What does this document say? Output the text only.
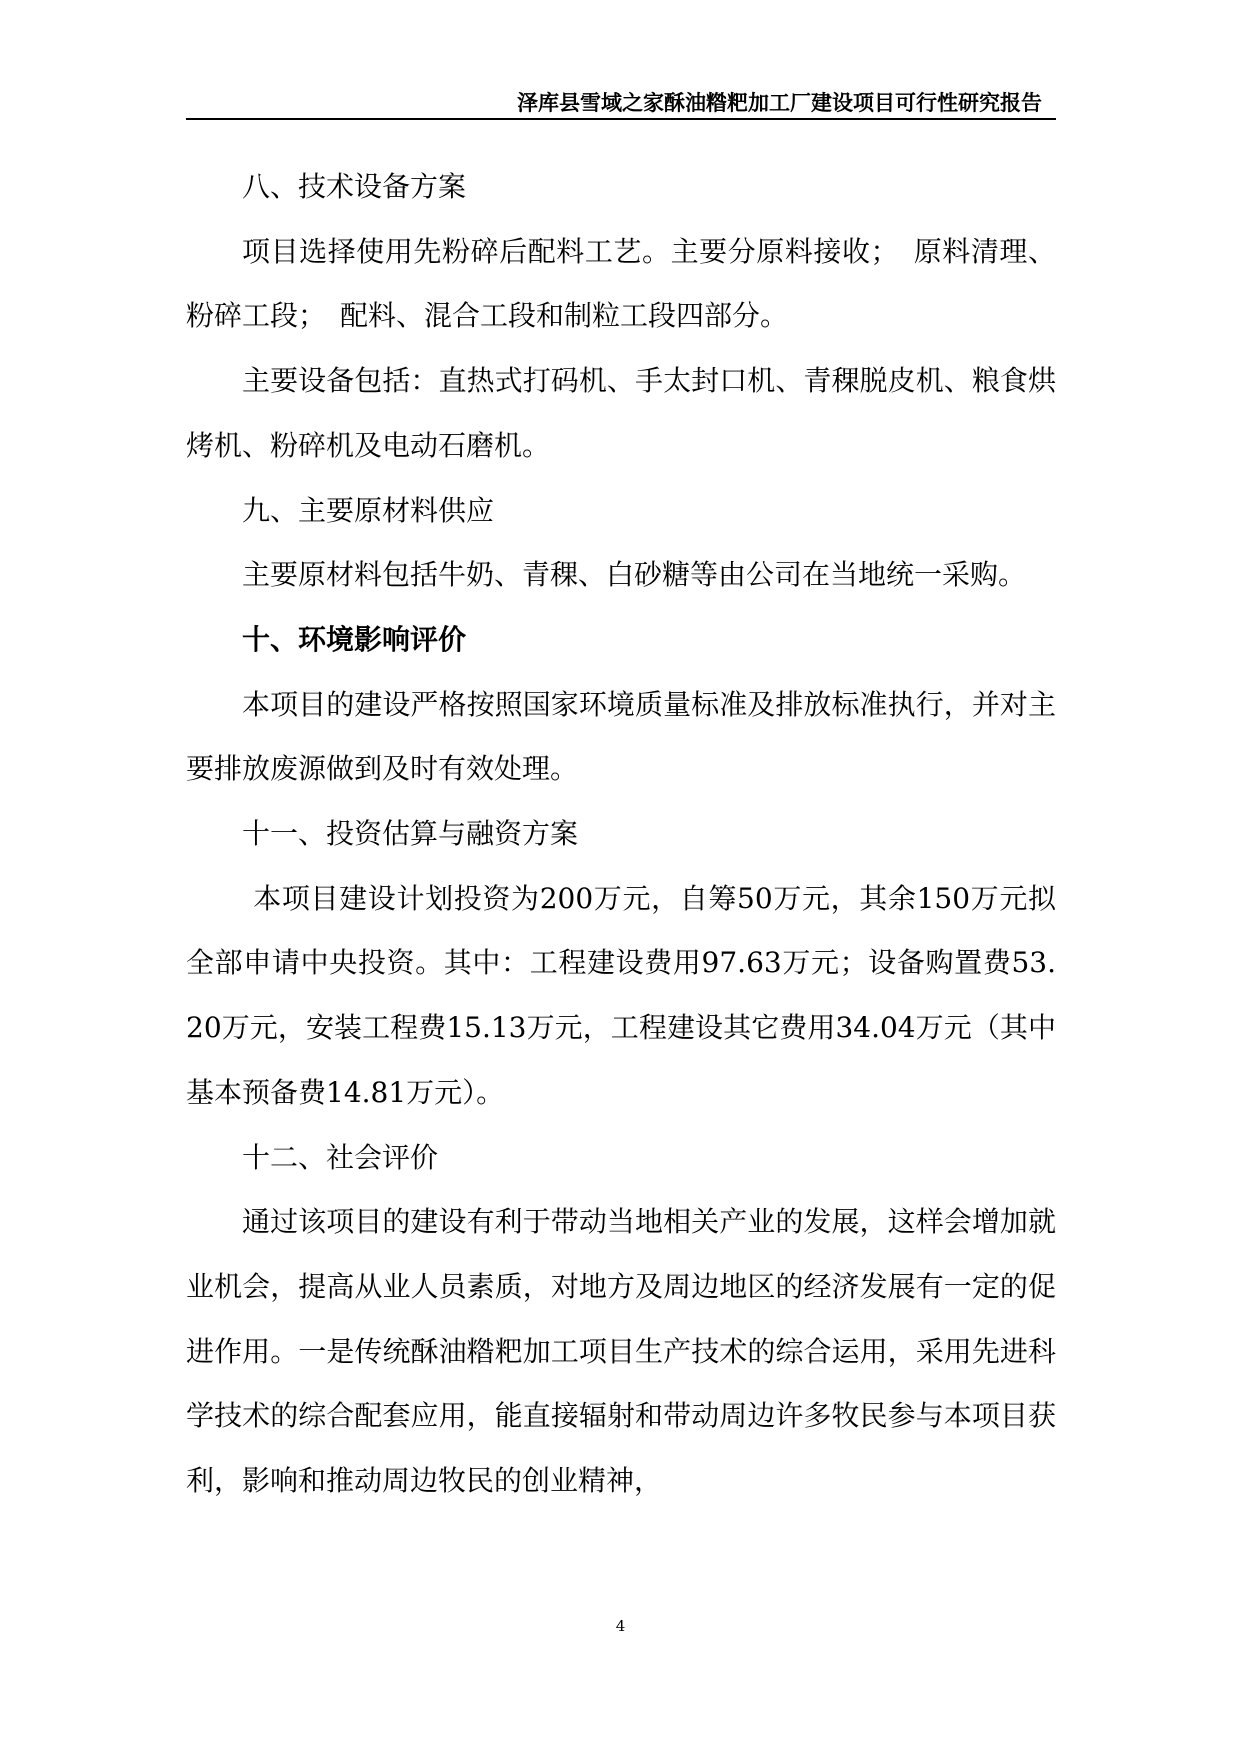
泽库县雪域之家酥油糌粑加工厂建设项目可行性研究报告

八、技术设备方案

项目选择使用先粉碎后配料工艺。主要分原料接收；　原料清理、粉碎工段；　配料、混合工段和制粒工段四部分。

主要设备包括：直热式打码机、手太封口机、青稞脱皮机、粮食烘烤机、粉碎机及电动石磨机。

九、主要原材料供应

主要原材料包括牛奶、青稞、白砂糖等由公司在当地统一采购。

十、环境影响评价

本项目的建设严格按照国家环境质量标准及排放标准执行，并对主要排放废源做到及时有效处理。

十一、投资估算与融资方案

本项目建设计划投资为200万元，自筹50万元，其余150万元拟全部申请中央投资。其中：工程建设费用97.63万元；设备购置费53.20万元，安装工程费15.13万元，工程建设其它费用34.04万元（其中基本预备费14.81万元）。

十二、社会评价

通过该项目的建设有利于带动当地相关产业的发展，这样会增加就业机会，提高从业人员素质，对地方及周边地区的经济发展有一定的促进作用。一是传统酥油糌粑加工项目生产技术的综合运用，采用先进科学技术的综合配套应用，能直接辐射和带动周边许多牧民参与本项目获利，影响和推动周边牧民的创业精神，

4
